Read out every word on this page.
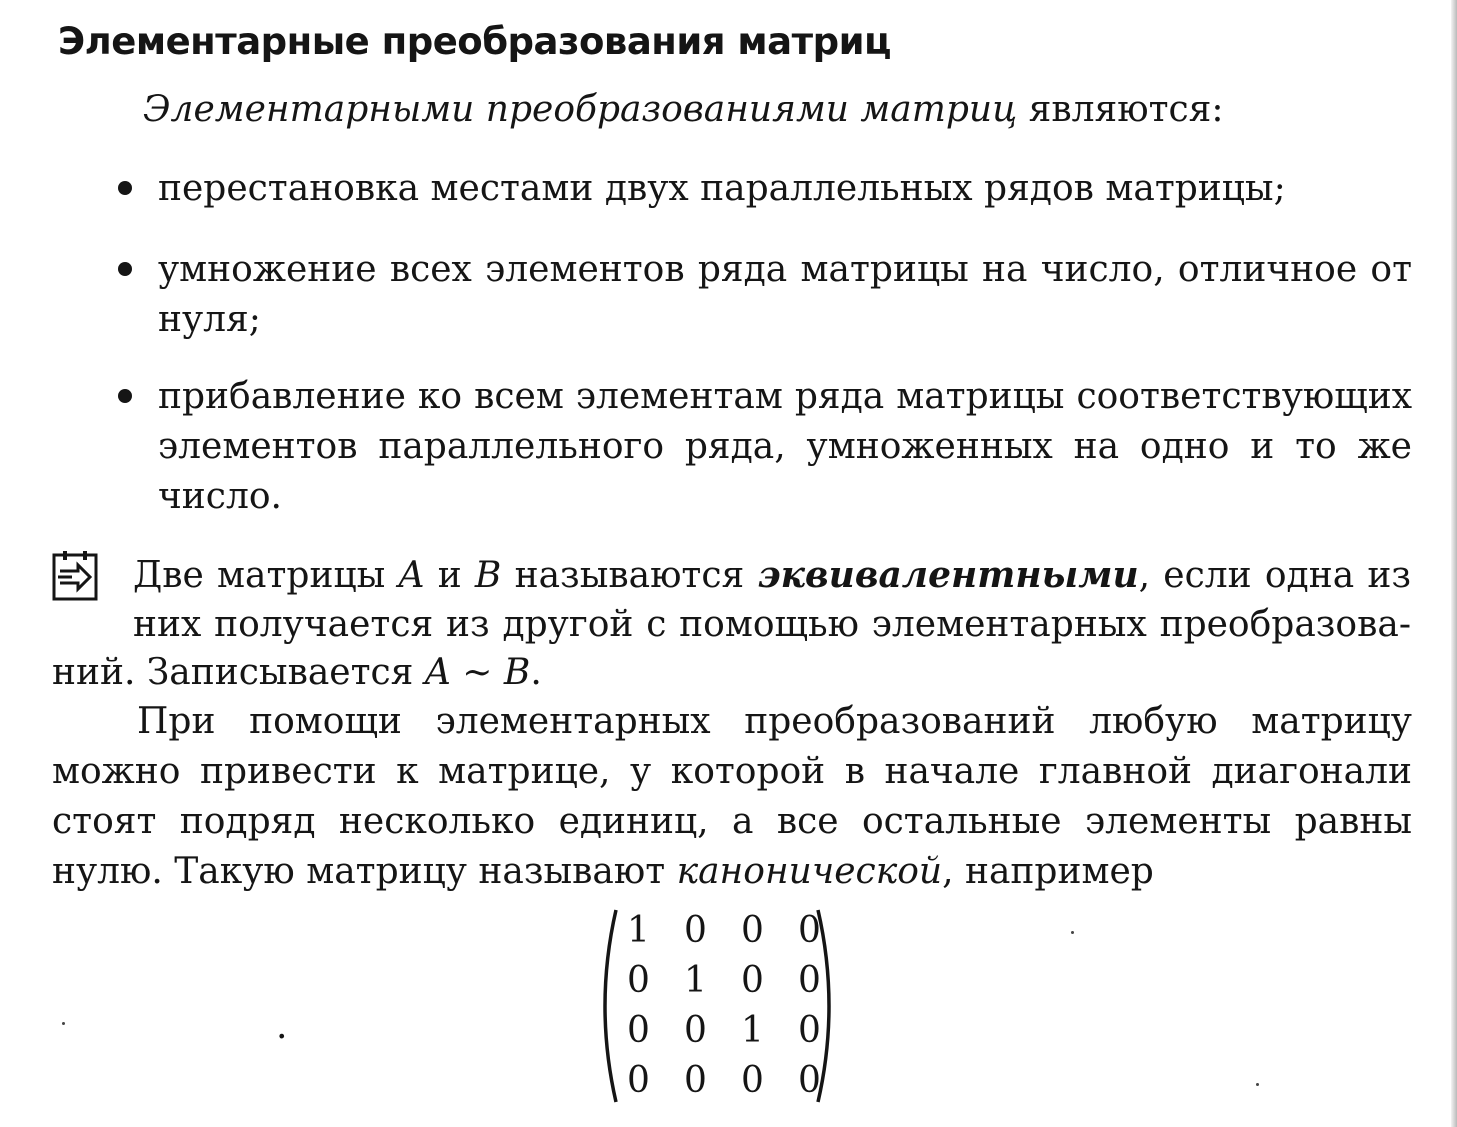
Элементарные преобразования матриц

Элементарными преобразованиями матриц являются:

перестановка местами двух параллельных рядов матрицы;
умножение всех элементов ряда матрицы на число, отличное от нуля;
прибавление ко всем элементам ряда матрицы соответствующих элементов параллельного ряда, умноженных на одно и то же число.

Две матрицы A и B называются эквивалентными, если одна из

них получается из другой с помощью элементарных преобразова-

ний. Записывается A ∼ B.

При помощи элементарных преобразований любую матрицу можно привести к матрице, у которой в начале главной диагонали стоят подряд несколько единиц, а все остальные элементы равны нулю. Такую матрицу называют канонической, например

1 0 0 0
0 1 0 0
0 0 1 0
0 0 0 0
.
